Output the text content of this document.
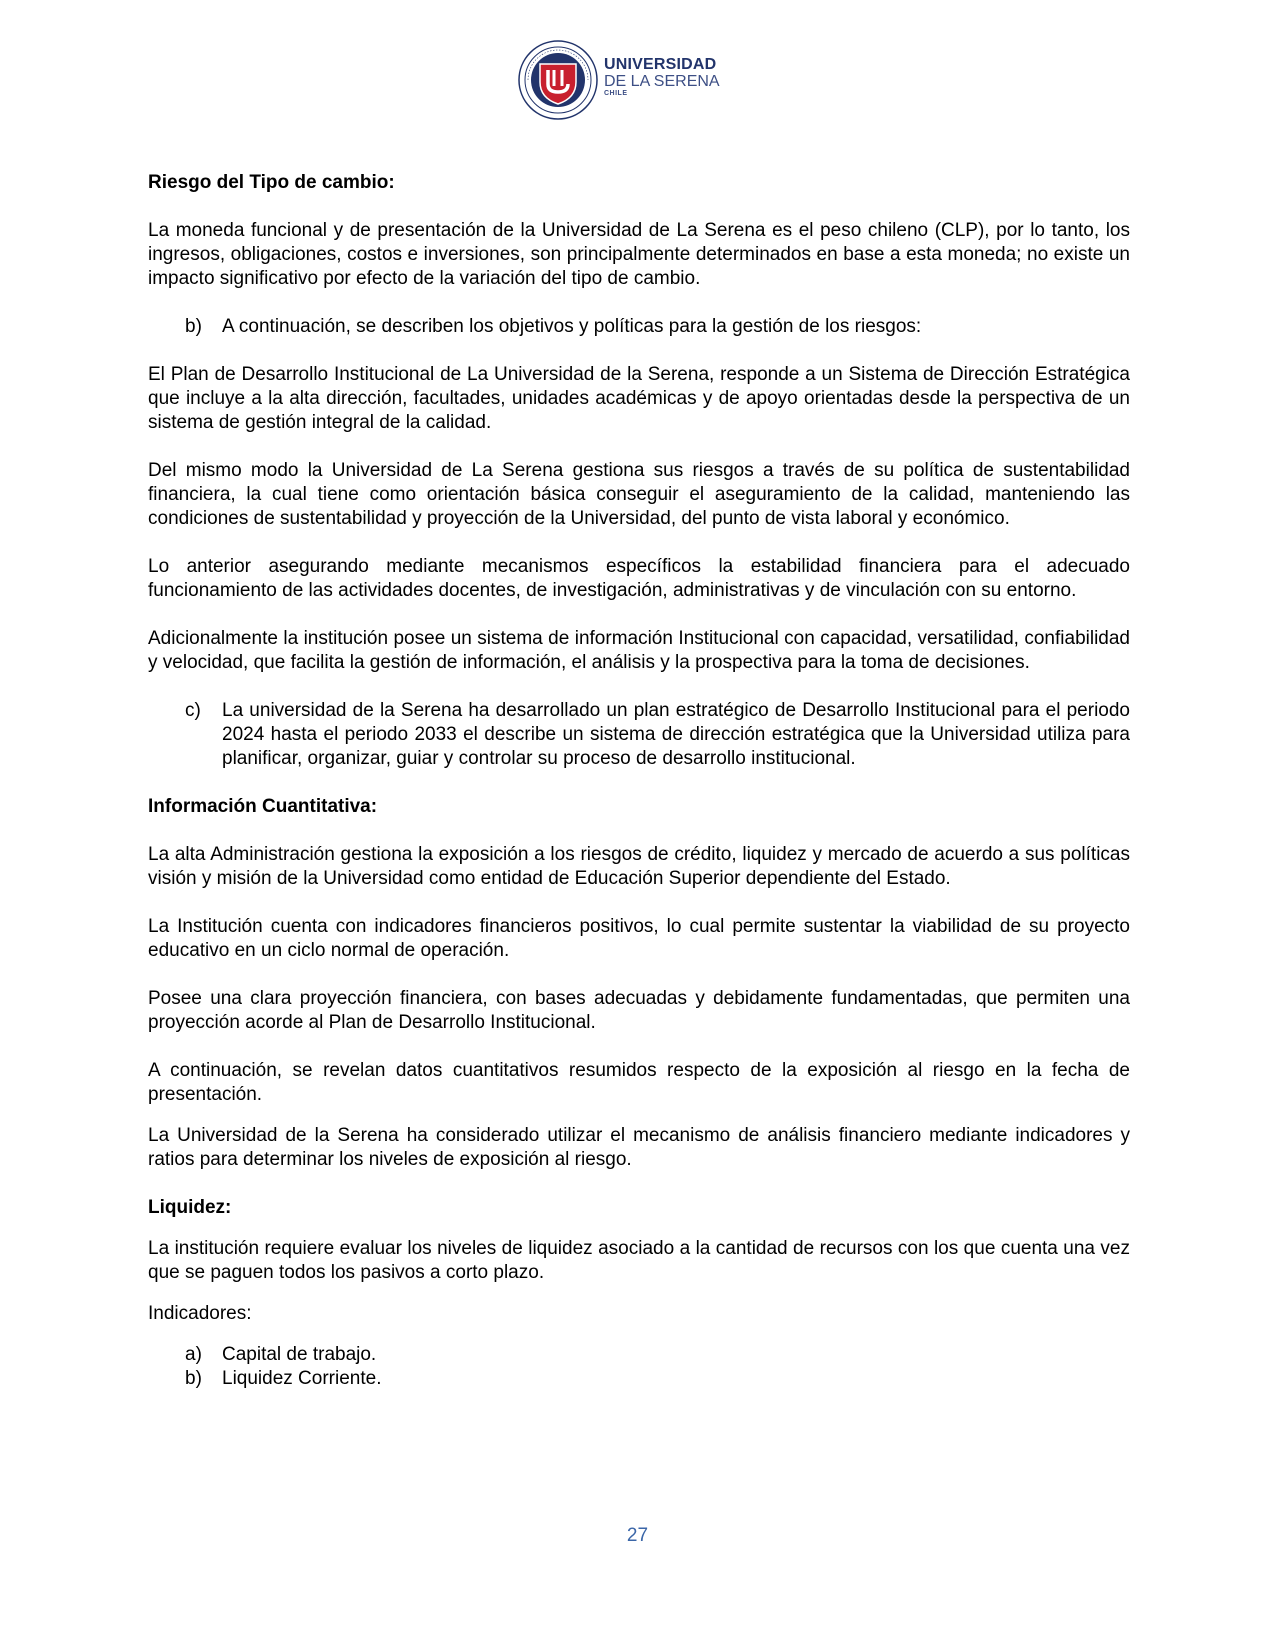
UNIVERSIDAD
DE LA SERENA
CHILE

Riesgo del Tipo de cambio:

La moneda funcional y de presentación de la Universidad de La Serena es el peso chileno (CLP), por lo tanto, los ingresos, obligaciones, costos e inversiones, son principalmente determinados en base a esta moneda; no existe un impacto significativo por efecto de la variación del tipo de cambio.

b)	A continuación, se describen los objetivos y políticas para la gestión de los riesgos:

El Plan de Desarrollo Institucional de La Universidad de la Serena, responde a un Sistema de Dirección Estratégica que incluye a la alta dirección, facultades, unidades académicas y de apoyo orientadas desde la perspectiva de un sistema de gestión integral de la calidad.

Del mismo modo la Universidad de La Serena gestiona sus riesgos a través de su política de sustentabilidad financiera, la cual tiene como orientación básica conseguir el aseguramiento de la calidad, manteniendo las condiciones de sustentabilidad y proyección de la Universidad, del punto de vista laboral y económico.

Lo anterior asegurando mediante mecanismos específicos la estabilidad financiera para el adecuado funcionamiento de las actividades docentes, de investigación, administrativas y de vinculación con su entorno.

Adicionalmente la institución posee un sistema de información Institucional con capacidad, versatilidad, confiabilidad y velocidad, que facilita la gestión de información, el análisis y la prospectiva para la toma de decisiones.

c)	La universidad de la Serena ha desarrollado un plan estratégico de Desarrollo Institucional para el periodo 2024 hasta el periodo 2033 el describe un sistema de dirección estratégica que la Universidad utiliza para planificar, organizar, guiar y controlar su proceso de desarrollo institucional.

Información Cuantitativa:

La alta Administración gestiona la exposición a los riesgos de crédito, liquidez y mercado de acuerdo a sus políticas visión y misión de la Universidad como entidad de Educación Superior dependiente del Estado.

La Institución cuenta con indicadores financieros positivos, lo cual permite sustentar la viabilidad de su proyecto educativo en un ciclo normal de operación.

Posee una clara proyección financiera, con bases adecuadas y debidamente fundamentadas, que permiten una proyección acorde al Plan de Desarrollo Institucional.

A continuación, se revelan datos cuantitativos resumidos respecto de la exposición al riesgo en la fecha de presentación.

La Universidad de la Serena ha considerado utilizar el mecanismo de análisis financiero mediante indicadores y ratios para determinar los niveles de exposición al riesgo.

Liquidez:

La institución requiere evaluar los niveles de liquidez asociado a la cantidad de recursos con los que cuenta una vez que se paguen todos los pasivos a corto plazo.

Indicadores:

a)	Capital de trabajo.
b)	Liquidez Corriente.
27
